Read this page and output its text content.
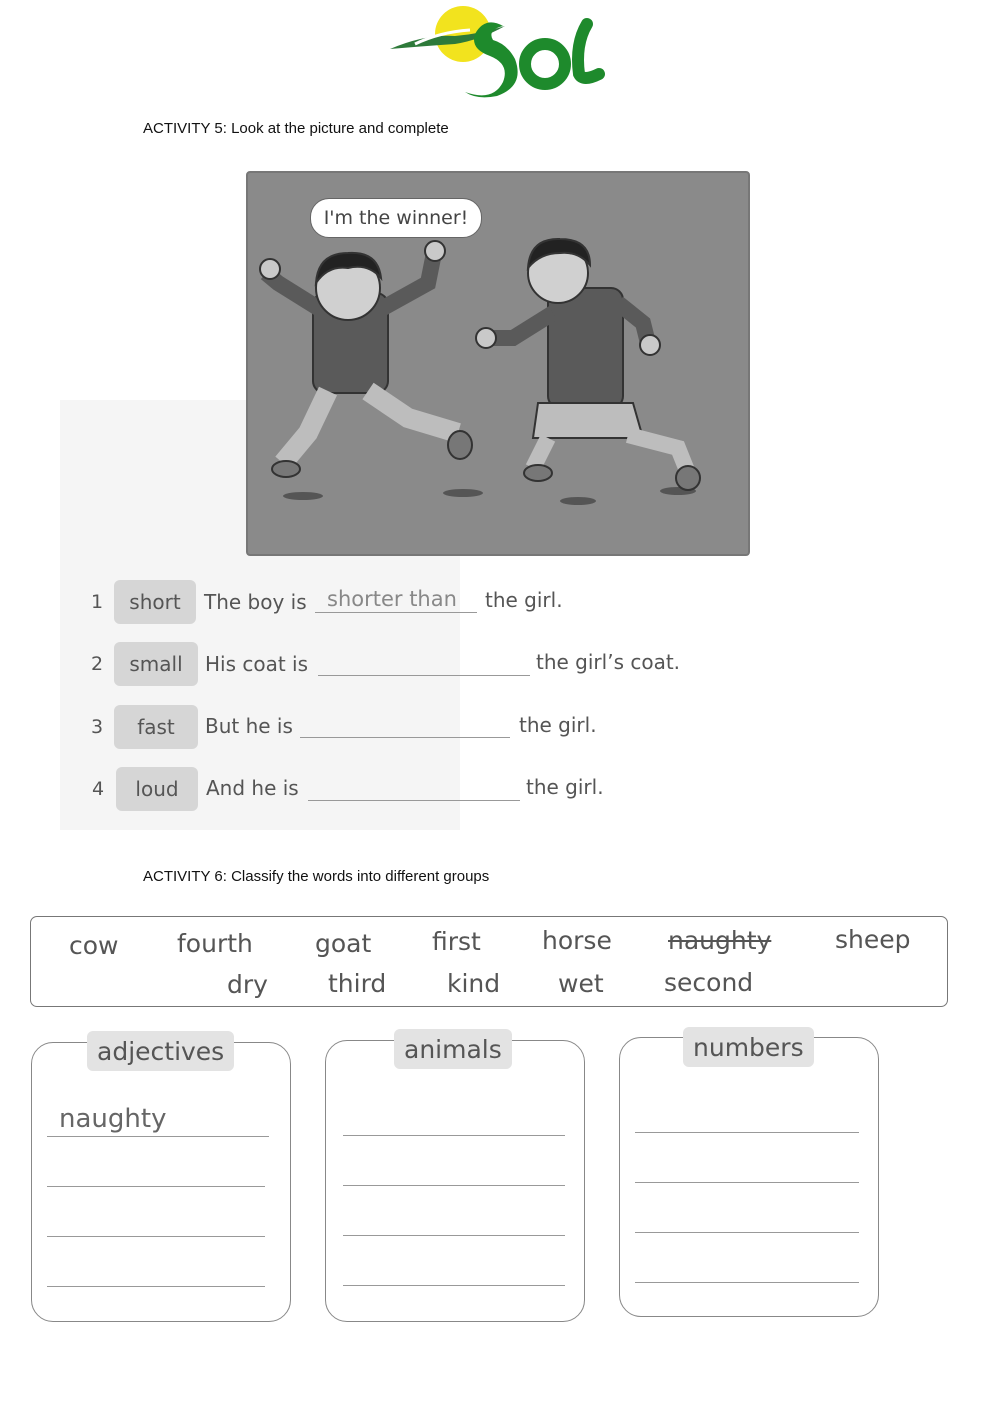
ACTIVITY 5: Look at the picture and complete
I'm the winner!
1	short	The boy is shorter than the girl.
2	small	His coat is	the girl’s coat.
3	fast	But he is	the girl.
4	loud	And he is	the girl.
ACTIVITY 6: Classify the words into different groups
cow fourth goat first horse naughty	sheep
dry third kind wet second
adjectives
naughty
animals	numbers
